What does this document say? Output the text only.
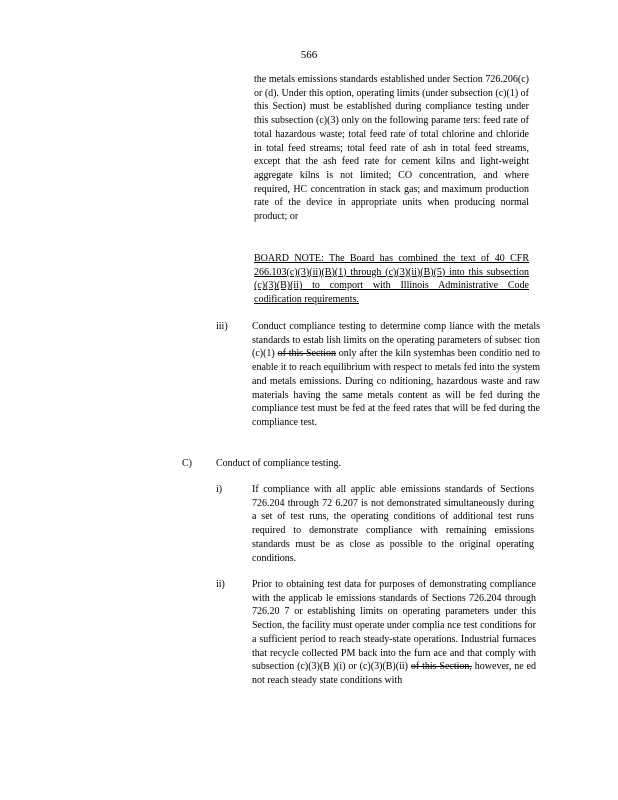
566
the metals emissions standards established under Section 726.206(c) or (d). Under this option, operating limits (under subsection (c)(1) of this Section) must be established during compliance testing under this subsection (c)(3) only on the following parame ters: feed rate of total hazardous waste; total feed rate of total chlorine and chloride in total feed streams; total feed rate of ash in total feed streams, except that the ash feed rate for cement kilns and light-weight aggregate kilns is not limited; CO concentration, and where required, HC concentration in stack gas; and maximum production rate of the device in appropriate units when producing normal product; or
BOARD NOTE: The Board has combined the text of 40 CFR 266.103(c)(3)(ii)(B)(1) through (c)(3)(ii)(B)(5) into this subsection (c)(3)(B)(ii) to comport with Illinois Administrative Code codification requirements.
iii) Conduct compliance testing to determine comp liance with the metals standards to estab lish limits on the operating parameters of subsec tion (c)(1) of this Section only after the kiln systemhas been conditio ned to enable it to reach equilibrium with respect to metals fed into the system and metals emissions. During co nditioning, hazardous waste and raw materials having the same metals content as will be fed during the compliance test must be fed at the feed rates that will be fed during the compliance test.
C) Conduct of compliance testing.
i)	If compliance with all applic able emissions standards of Sections 726.204 through 72 6.207 is not demonstrated simultaneously during a set of test runs, the operating conditions of additional test runs required to demonstrate compliance with remaining emissions standards must be as close as possible to the original operating conditions.
ii)	Prior to obtaining test data for purposes of demonstrating compliance with the applicab le emissions standards of Sections 726.204 through 726.20 7 or establishing limits on operating parameters under this Section, the facility must operate under complia nce test conditions for a sufficient period to reach steady-state operations. Industrial furnaces that recycle collected PM back into the furn ace and that comply with subsection (c)(3)(B )(i) or (c)(3)(B)(ii) of this Section, however, ne ed not reach steady state conditions with
